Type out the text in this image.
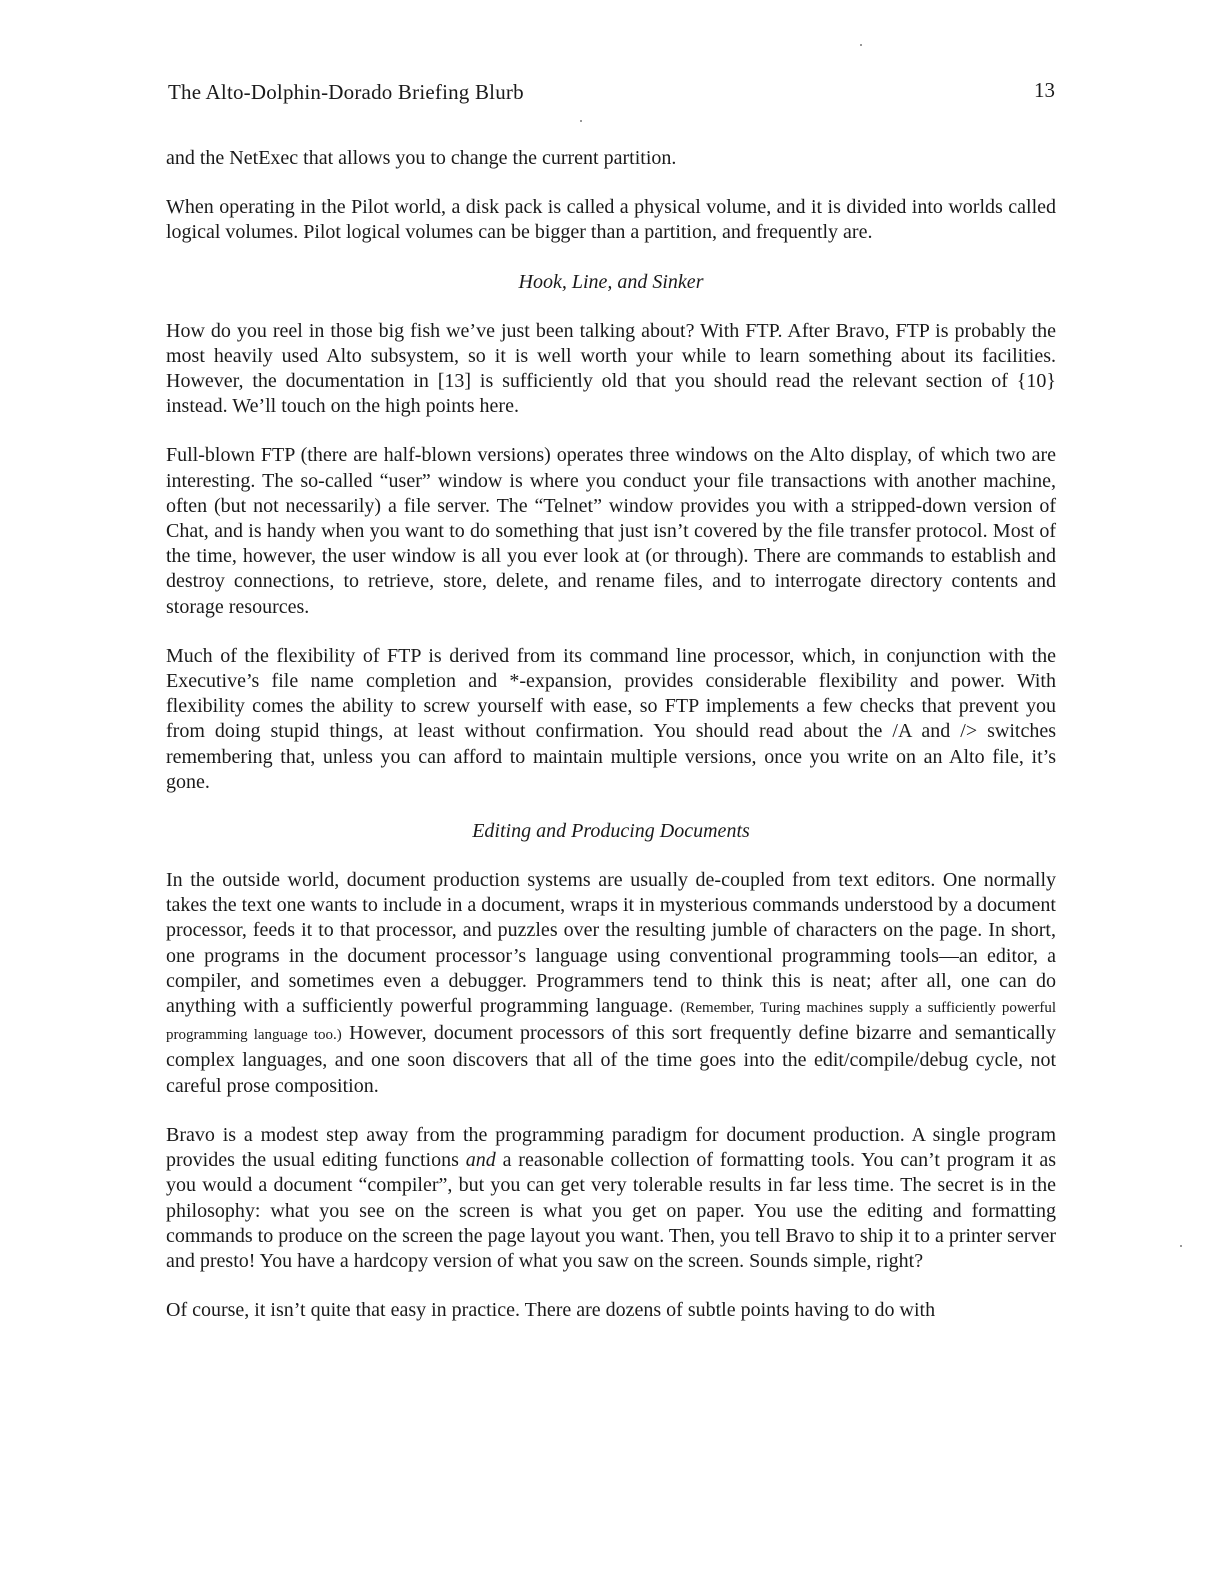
The Alto-Dolphin-Dorado Briefing Blurb	13

and the NetExec that allows you to change the current partition.

When operating in the Pilot world, a disk pack is called a physical volume, and it is divided into worlds called logical volumes. Pilot logical volumes can be bigger than a partition, and frequently are.

Hook, Line, and Sinker

How do you reel in those big fish we’ve just been talking about? With FTP. After Bravo, FTP is probably the most heavily used Alto subsystem, so it is well worth your while to learn something about its facilities. However, the documentation in [13] is sufficiently old that you should read the relevant section of {10} instead. We’ll touch on the high points here.

Full-blown FTP (there are half-blown versions) operates three windows on the Alto display, of which two are interesting. The so-called “user” window is where you conduct your file transactions with another machine, often (but not necessarily) a file server. The “Telnet” window provides you with a stripped-down version of Chat, and is handy when you want to do something that just isn’t covered by the file transfer protocol. Most of the time, however, the user window is all you ever look at (or through). There are commands to establish and destroy connections, to retrieve, store, delete, and rename files, and to interrogate directory contents and storage resources.

Much of the flexibility of FTP is derived from its command line processor, which, in conjunction with the Executive’s file name completion and *-expansion, provides considerable flexibility and power. With flexibility comes the ability to screw yourself with ease, so FTP implements a few checks that prevent you from doing stupid things, at least without confirmation. You should read about the /A and /> switches remembering that, unless you can afford to maintain multiple versions, once you write on an Alto file, it’s gone.

Editing and Producing Documents

In the outside world, document production systems are usually de-coupled from text editors. One normally takes the text one wants to include in a document, wraps it in mysterious commands understood by a document processor, feeds it to that processor, and puzzles over the resulting jumble of characters on the page. In short, one programs in the document processor’s language using conventional programming tools—an editor, a compiler, and sometimes even a debugger. Programmers tend to think this is neat; after all, one can do anything with a sufficiently powerful programming language. (Remember, Turing machines supply a sufficiently powerful programming language too.) However, document processors of this sort frequently define bizarre and semantically complex languages, and one soon discovers that all of the time goes into the edit/compile/debug cycle, not careful prose composition.

Bravo is a modest step away from the programming paradigm for document production. A single program provides the usual editing functions and a reasonable collection of formatting tools. You can’t program it as you would a document “compiler”, but you can get very tolerable results in far less time. The secret is in the philosophy: what you see on the screen is what you get on paper. You use the editing and formatting commands to produce on the screen the page layout you want. Then, you tell Bravo to ship it to a printer server and presto! You have a hardcopy version of what you saw on the screen. Sounds simple, right?

Of course, it isn’t quite that easy in practice. There are dozens of subtle points having to do with
